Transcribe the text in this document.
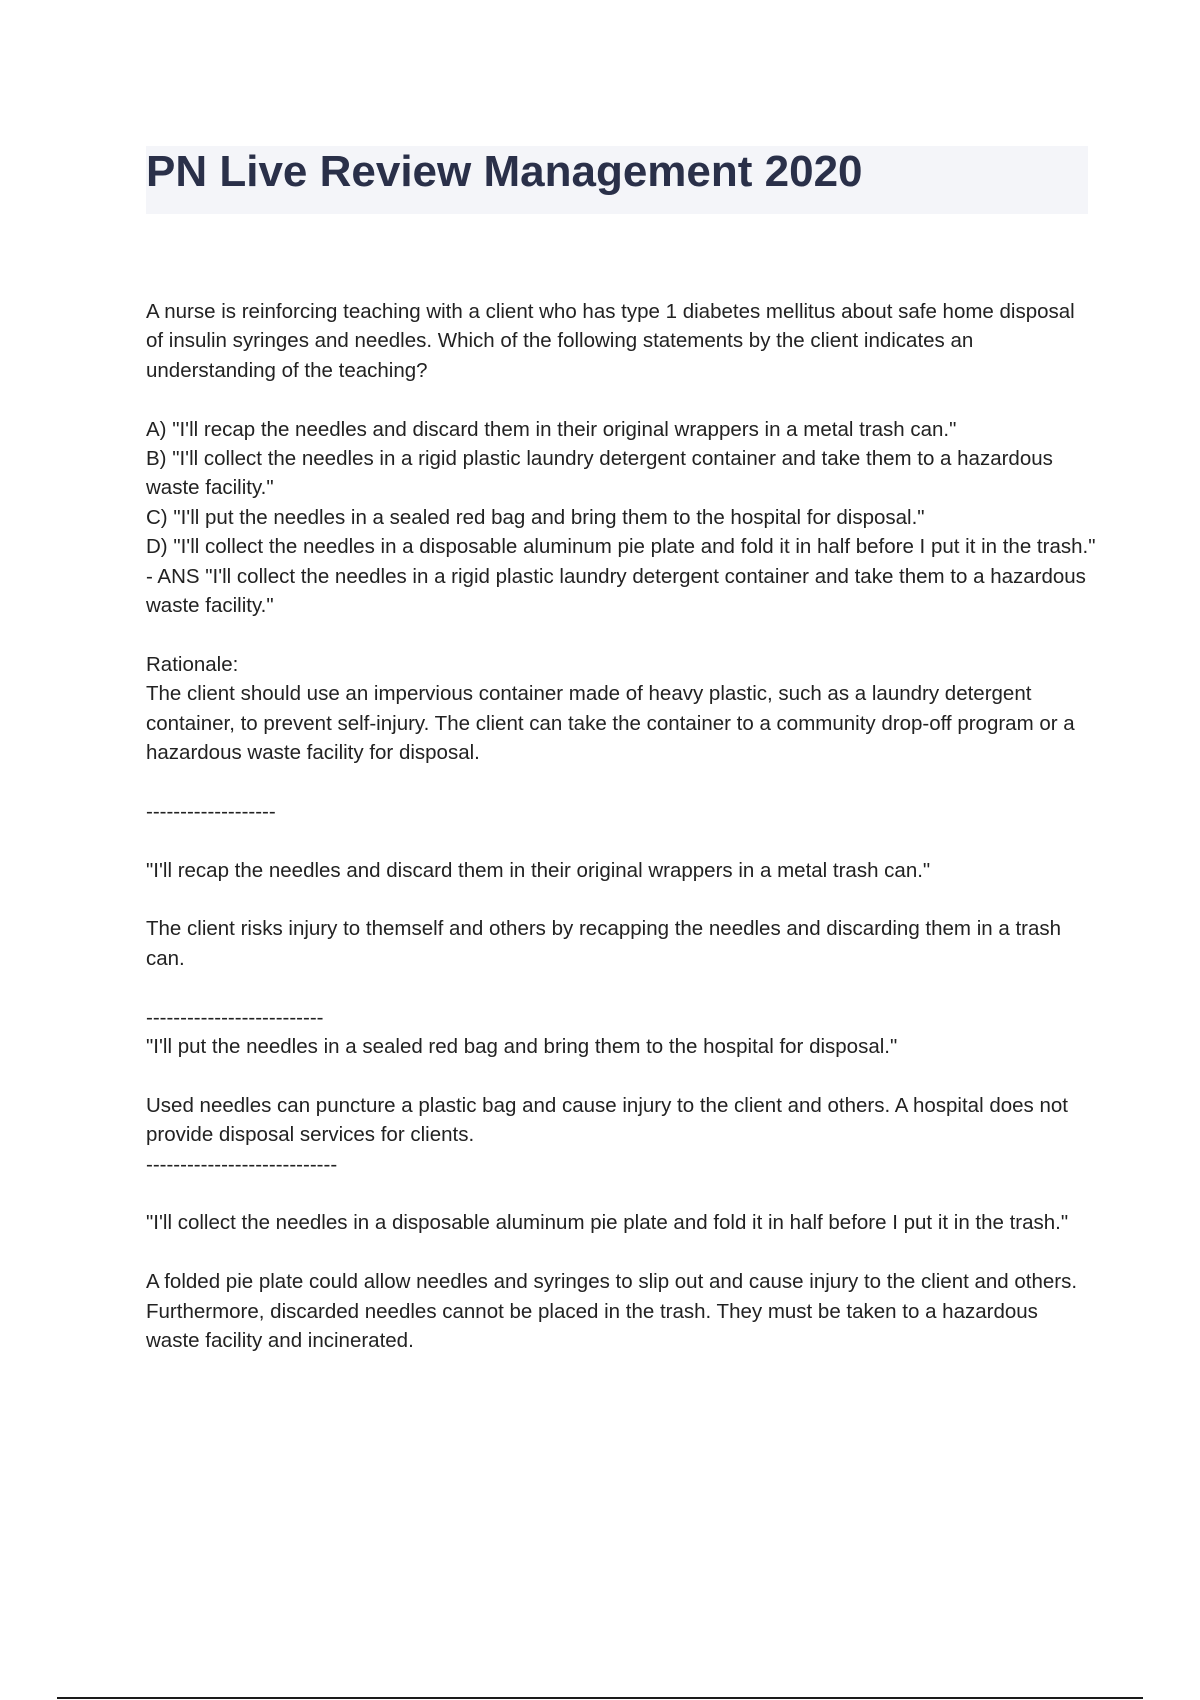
PN Live Review Management 2020

A nurse is reinforcing teaching with a client who has type 1 diabetes mellitus about safe home disposal of insulin syringes and needles. Which of the following statements by the client indicates an understanding of the teaching?

A) "I'll recap the needles and discard them in their original wrappers in a metal trash can."

B) "I'll collect the needles in a rigid plastic laundry detergent container and take them to a hazardous waste facility."

C) "I'll put the needles in a sealed red bag and bring them to the hospital for disposal."

D) "I'll collect the needles in a disposable aluminum pie plate and fold it in half before I put it in the trash." - ANS "I'll collect the needles in a rigid plastic laundry detergent container and take them to a hazardous waste facility."

Rationale:

The client should use an impervious container made of heavy plastic, such as a laundry detergent container, to prevent self-injury. The client can take the container to a community drop-off program or a hazardous waste facility for disposal.

-------------------

"I'll recap the needles and discard them in their original wrappers in a metal trash can."

The client risks injury to themself and others by recapping the needles and discarding them in a trash can.

--------------------------

"I'll put the needles in a sealed red bag and bring them to the hospital for disposal."

Used needles can puncture a plastic bag and cause injury to the client and others. A hospital does not provide disposal services for clients.

----------------------------

"I'll collect the needles in a disposable aluminum pie plate and fold it in half before I put it in the trash."

A folded pie plate could allow needles and syringes to slip out and cause injury to the client and others. Furthermore, discarded needles cannot be placed in the trash. They must be taken to a hazardous waste facility and incinerated.
